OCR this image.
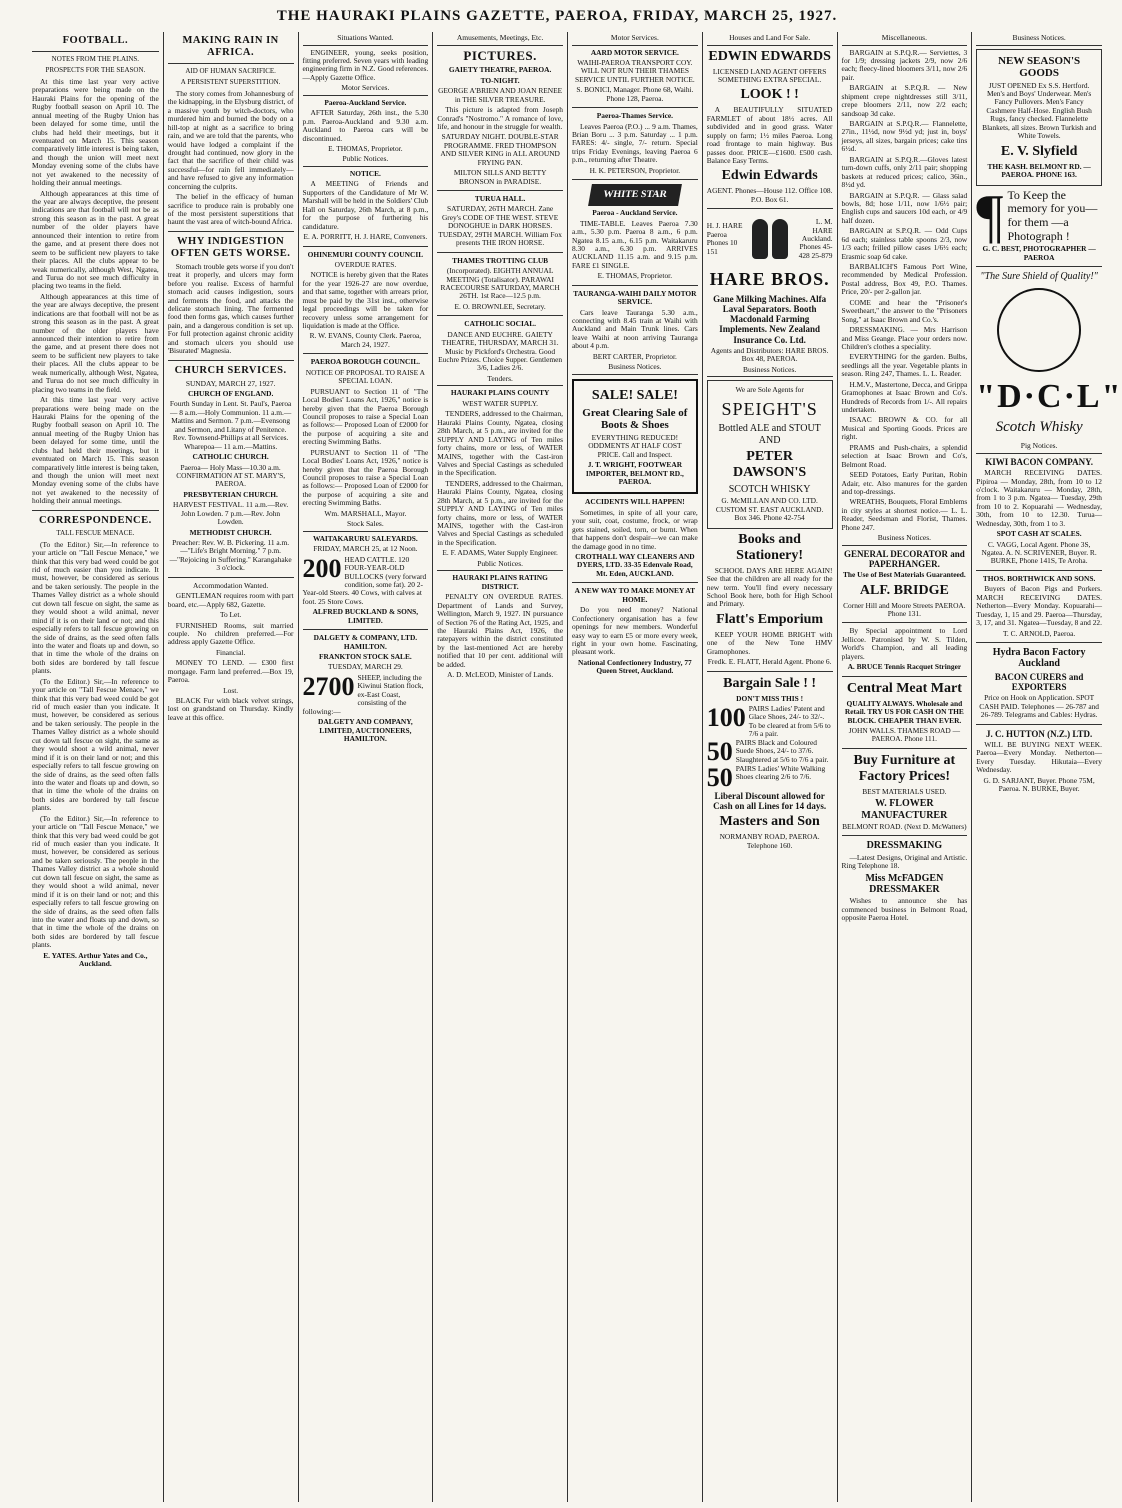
THE HAURAKI PLAINS GAZETTE, PAEROA, FRIDAY, MARCH 25, 1927.
FOOTBALL.
NOTES FROM THE PLAINS.
PROSPECTS FOR THE SEASON.

At this time last year very active preparations were being made on the Hauraki Plains for the opening of the Rugby football season on April 10. The annual meeting of the Rugby Union has been delayed for some time, until the clubs had held their meetings, but it eventuated on March 15. This season comparatively little interest is being taken, and though the union will meet next Monday evening some of the clubs have not yet awakened to the necessity of holding their annual meetings.

Although appearances at this time of the year are always deceptive, the present indications are that football will not be as strong this season as in the past. A great number of the older players have announced their intention to retire from the game, and at present there does not seem to be sufficient new players to take their places. All the clubs appear to be weak numerically, although West, Ngatea, and Turua do not see much difficulty in placing two teams in the field.

Although appearances at this time of the year are always deceptive, the present indications are that football will not be as strong this season as in the past. A great number of the older players have announced their intention to retire from the game, and at present there does not seem to be sufficient new players to take their places. All the clubs appear to be weak numerically, although West, Ngatea, and Turua do not see much difficulty in placing two teams in the field.

At this time last year very active preparations were being made on the Hauraki Plains for the opening of the Rugby football season on April 10. The annual meeting of the Rugby Union has been delayed for some time, until the clubs had held their meetings, but it eventuated on March 15. This season comparatively little interest is being taken, and though the union will meet next Monday evening some of the clubs have not yet awakened to the necessity of holding their annual meetings.

CORRESPONDENCE.
TALL FESCUE MENACE.

(To the Editor.) Sir,—In reference to your article on "Tall Fescue Menace," we think that this very bad weed could be got rid of much easier than you indicate. It must, however, be considered as serious and be taken seriously. The people in the Thames Valley district as a whole should cut down tall fescue on sight, the same as they would shoot a wild animal, never mind if it is on their land or not; and this especially refers to tall fescue growing on the side of drains, as the seed often falls into the water and floats up and down, so that in time the whole of the drains on both sides are bordered by tall fescue plants.

(To the Editor.) Sir,—In reference to your article on "Tall Fescue Menace," we think that this very bad weed could be got rid of much easier than you indicate. It must, however, be considered as serious and be taken seriously. The people in the Thames Valley district as a whole should cut down tall fescue on sight, the same as they would shoot a wild animal, never mind if it is on their land or not; and this especially refers to tall fescue growing on the side of drains, as the seed often falls into the water and floats up and down, so that in time the whole of the drains on both sides are bordered by tall fescue plants.

(To the Editor.) Sir,—In reference to your article on "Tall Fescue Menace," we think that this very bad weed could be got rid of much easier than you indicate. It must, however, be considered as serious and be taken seriously. The people in the Thames Valley district as a whole should cut down tall fescue on sight, the same as they would shoot a wild animal, never mind if it is on their land or not; and this especially refers to tall fescue growing on the side of drains, as the seed often falls into the water and floats up and down, so that in time the whole of the drains on both sides are bordered by tall fescue plants.

E. YATES. Arthur Yates and Co., Auckland.

MAKING RAIN IN AFRICA.
AID OF HUMAN SACRIFICE.
A PERSISTENT SUPERSTITION.

The story comes from Johannesburg of the kidnapping, in the Elysburg district, of a massive youth by witch-doctors, who murdered him and burned the body on a hill-top at night as a sacrifice to bring rain, and we are told that the parents, who would have lodged a complaint if the drought had continued, now glory in the fact that the sacrifice of their child was successful—for rain fell immediately—and have refused to give any information concerning the culprits.

The belief in the efficacy of human sacrifice to produce rain is probably one of the most persistent superstitions that haunt the vast area of witch-bound Africa.

WHY INDIGESTION OFTEN GETS WORSE.

Stomach trouble gets worse if you don't treat it properly, and ulcers may form before you realise. Excess of harmful stomach acid causes indigestion, sours and ferments the food, and attacks the delicate stomach lining. The fermented food then forms gas, which causes further pain, and a dangerous condition is set up. For full protection against chronic acidity and stomach ulcers you should use 'Bisurated' Magnesia.

CHURCH SERVICES.
SUNDAY, MARCH 27, 1927.
CHURCH OF ENGLAND.

Fourth Sunday in Lent. St. Paul's, Paeroa— 8 a.m.—Holy Communion. 11 a.m.—Mattins and Sermon. 7 p.m.—Evensong and Sermon, and Litany of Penitence. Rev. Townsend-Phillips at all Services. Wharepoa— 11 a.m.—Mattins.

CATHOLIC CHURCH.

Paeroa— Holy Mass—10.30 a.m. CONFIRMATION AT ST. MARY'S, PAEROA.

PRESBYTERIAN CHURCH.

HARVEST FESTIVAL. 11 a.m.—Rev. John Lowden. 7 p.m.—Rev. John Lowden.

METHODIST CHURCH.

Preacher: Rev. W. B. Pickering. 11 a.m.—"Life's Bright Morning." 7 p.m.—"Rejoicing in Suffering." Karangahake 3 o'clock.

Accommodation Wanted.

GENTLEMAN requires room with part board, etc.—Apply 682, Gazette.

To Let.

FURNISHED Rooms, suit married couple. No children preferred.—For address apply Gazette Office.

Financial.

MONEY TO LEND. — £300 first mortgage. Farm land preferred.—Box 19, Paeroa.

Lost.

BLACK Fur with black velvet strings, lost on grandstand on Thursday. Kindly leave at this office.

Situations Wanted.

ENGINEER, young, seeks position, fitting preferred. Seven years with leading engineering firm in N.Z. Good references.—Apply Gazette Office.

Motor Services.
Paeroa-Auckland Service.

AFTER Saturday, 26th inst., the 5.30 p.m. Paeroa-Auckland and 9.30 a.m. Auckland to Paeroa cars will be discontinued.

E. THOMAS, Proprietor.

Public Notices.
NOTICE.

A MEETING of Friends and Supporters of the Candidature of Mr W. Marshall will be held in the Soldiers' Club Hall on Saturday, 26th March, at 8 p.m., for the purpose of furthering his candidature.

E. A. PORRITT, H. J. HARE, Conveners.

OHINEMURI COUNTY COUNCIL
OVERDUE RATES.

NOTICE is hereby given that the Rates for the year 1926-27 are now overdue, and that same, together with arrears prior, must be paid by the 31st inst., otherwise legal proceedings will be taken for recovery unless some arrangement for liquidation is made at the Office.

R. W. EVANS, County Clerk. Paeroa, March 24, 1927.

PAEROA BOROUGH COUNCIL.
NOTICE OF PROPOSAL TO RAISE A SPECIAL LOAN.

PURSUANT to Section 11 of "The Local Bodies' Loans Act, 1926," notice is hereby given that the Paeroa Borough Council proposes to raise a Special Loan as follows:— Proposed Loan of £2000 for the purpose of acquiring a site and erecting Swimming Baths.

PURSUANT to Section 11 of "The Local Bodies' Loans Act, 1926," notice is hereby given that the Paeroa Borough Council proposes to raise a Special Loan as follows:— Proposed Loan of £2000 for the purpose of acquiring a site and erecting Swimming Baths.

Wm. MARSHALL, Mayor.

Stock Sales.
WAITAKARURU SALEYARDS.
FRIDAY, MARCH 25, at 12 Noon.
200 HEAD CATTLE. 120 FOUR-YEAR-OLD BULLOCKS (very forward condition, some fat). 20 2-Year-old Steers. 40 Cows, with calves at foot. 25 Store Cows.

ALFRED BUCKLAND & SONS, LIMITED.

DALGETY & COMPANY, LTD. HAMILTON.
FRANKTON STOCK SALE.
TUESDAY, MARCH 29.
2700 SHEEP, including the Kiwinui Station flock, ex-East Coast, consisting of the following:—

DALGETY AND COMPANY, LIMITED, AUCTIONEERS, HAMILTON.

Amusements, Meetings, Etc.
PICTURES.
GAIETY THEATRE, PAEROA.
TO-NIGHT.

GEORGE A'BRIEN AND JOAN RENEE in THE SILVER TREASURE.

This picture is adapted from Joseph Conrad's "Nostromo." A romance of love, life, and honour in the struggle for wealth.

SATURDAY NIGHT. DOUBLE-STAR PROGRAMME. FRED THOMPSON AND SILVER KING in ALL AROUND FRYING PAN.

MILTON SILLS AND BETTY BRONSON in PARADISE.

TURUA HALL.

SATURDAY, 26TH MARCH. Zane Grey's CODE OF THE WEST. STEVE DONOGHUE in DARK HORSES. TUESDAY, 29TH MARCH. William Fox presents THE IRON HORSE.

THAMES TROTTING CLUB

(Incorporated). EIGHTH ANNUAL MEETING (Totalisator). PARAWAI RACECOURSE SATURDAY, MARCH 26TH. 1st Race—12.5 p.m.

E. O. BROWNLEE, Secretary.

CATHOLIC SOCIAL.

DANCE AND EUCHRE. GAIETY THEATRE, THURSDAY, MARCH 31. Music by Pickford's Orchestra. Good Euchre Prizes. Choice Supper. Gentlemen 3/6, Ladies 2/6.

Tenders.
HAURAKI PLAINS COUNTY
WEST WATER SUPPLY.

TENDERS, addressed to the Chairman, Hauraki Plains County, Ngatea, closing 28th March, at 5 p.m., are invited for the SUPPLY AND LAYING of Ten miles forty chains, more or less, of WATER MAINS, together with the Cast-iron Valves and Special Castings as scheduled in the Specification.

TENDERS, addressed to the Chairman, Hauraki Plains County, Ngatea, closing 28th March, at 5 p.m., are invited for the SUPPLY AND LAYING of Ten miles forty chains, more or less, of WATER MAINS, together with the Cast-iron Valves and Special Castings as scheduled in the Specification.

E. F. ADAMS, Water Supply Engineer.

Public Notices.
HAURAKI PLAINS RATING DISTRICT.

PENALTY ON OVERDUE RATES. Department of Lands and Survey, Wellington, March 9, 1927. IN pursuance of Section 76 of the Rating Act, 1925, and the Hauraki Plains Act, 1926, the ratepayers within the district constituted by the last-mentioned Act are hereby notified that 10 per cent. additional will be added.

A. D. McLEOD, Minister of Lands.

Motor Services.
AARD MOTOR SERVICE.

WAIHI-PAEROA TRANSPORT COY. WILL NOT RUN THEIR THAMES SERVICE UNTIL FURTHER NOTICE.

S. BONICI, Manager. Phone 68, Waihi. Phone 128, Paeroa.

Paeroa-Thames Service.

Leaves Paeroa (P.O.) ... 9 a.m. Thames, Brian Boru ... 3 p.m. Saturday ... 1 p.m. FARES: 4/- single, 7/- return. Special trips Friday Evenings, leaving Paeroa 6 p.m., returning after Theatre.

H. K. PETERSON, Proprietor.

WHITE STAR
Paeroa - Auckland Service.

TIME-TABLE. Leaves Paeroa 7.30 a.m., 5.30 p.m. Paeroa 8 a.m., 6 p.m. Ngatea 8.15 a.m., 6.15 p.m. Waitakaruru 8.30 a.m., 6.30 p.m. ARRIVES AUCKLAND 11.15 a.m. and 9.15 p.m. FARE £1 SINGLE.

E. THOMAS, Proprietor.

TAURANGA-WAIHI DAILY MOTOR SERVICE.

Cars leave Tauranga 5.30 a.m., connecting with 8.45 train at Waihi with Auckland and Main Trunk lines. Cars leave Waihi at noon arriving Tauranga about 4 p.m.

BERT CARTER, Proprietor.

Business Notices.
SALE! SALE!
Great Clearing Sale of Boots & Shoes

EVERYTHING REDUCED! ODDMENTS AT HALF COST PRICE. Call and Inspect.

J. T. WRIGHT, FOOTWEAR IMPORTER, BELMONT RD., PAEROA.

ACCIDENTS WILL HAPPEN!

Sometimes, in spite of all your care, your suit, coat, costume, frock, or wrap gets stained, soiled, torn, or burnt. When that happens don't despair—we can make the damage good in no time.

CROTHALL WAY CLEANERS AND DYERS, LTD. 33-35 Edenvale Road, Mt. Eden, AUCKLAND.

A NEW WAY TO MAKE MONEY AT HOME.

Do you need money? National Confectionery organisation has a few openings for new members. Wonderful easy way to earn £5 or more every week, right in your own home. Fascinating, pleasant work.

National Confectionery Industry, 77 Queen Street, Auckland.

Houses and Land For Sale.
EDWIN EDWARDS

LICENSED LAND AGENT OFFERS SOMETHING EXTRA SPECIAL.

LOOK ! !

A BEAUTIFULLY SITUATED FARMLET of about 18½ acres. All subdivided and in good grass. Water supply on farm; 1½ miles Paeroa. Long road frontage to main highway. Bus passes door. PRICE—£1600. £500 cash. Balance Easy Terms.

Edwin Edwards

AGENT. Phones—House 112. Office 108. P.O. Box 61.

H. J. HARE Paeroa Phones 10 151
L. M. HARE Auckland. Phones 45-428 25-879
HARE BROS.

Gane Milking Machines. Alfa Laval Separators. Booth Macdonald Farming Implements. New Zealand Insurance Co. Ltd.

Agents and Distributors: HARE BROS. Box 48, PAEROA.

Business Notices.

We are Sole Agents for

SPEIGHT'S

Bottled ALE and STOUT AND

PETER DAWSON'S

SCOTCH WHISKY

G. McMILLAN AND CO. LTD. CUSTOM ST. EAST AUCKLAND. Box 346. Phone 42-754

Books and Stationery!

SCHOOL DAYS ARE HERE AGAIN! See that the children are all ready for the new term. You'll find every necessary School Book here, both for High School and Primary.

Flatt's Emporium

KEEP YOUR HOME BRIGHT with one of the New Tone HMV Gramophones.

Fredk. E. FLATT, Herald Agent. Phone 6.

Bargain Sale ! !
DON'T MISS THIS !
100 PAIRS Ladies' Patent and Glace Shoes, 24/- to 32/-. To be cleared at from 5/6 to 7/6 a pair.
50 PAIRS Black and Coloured Suede Shoes, 24/- to 37/6. Slaughtered at 5/6 to 7/6 a pair.
50 PAIRS Ladies' White Walking Shoes clearing 2/6 to 7/6.

Liberal Discount allowed for Cash on all Lines for 14 days.

Masters and Son

NORMANBY ROAD, PAEROA. Telephone 160.

Miscellaneous.

BARGAIN at S.P.Q.R.— Serviettes, 3 for 1/9; dressing jackets 2/9, now 2/6 each; fleecy-lined bloomers 3/11, now 2/6 pair.

BARGAIN at S.P.Q.R. — New shipment crepe nightdresses still 3/11, crepe bloomers 2/11, now 2/2 each; sandsoap 3d cake.

BARGAIN at S.P.Q.R.— Flannelette, 27in., 11½d, now 9½d yd; just in, boys' jerseys, all sizes, bargain prices; cake tins 6½d.

BARGAIN at S.P.Q.R.—Gloves latest turn-down cuffs, only 2/11 pair; shopping baskets at reduced prices; calico, 36in., 8½d yd.

BARGAIN at S.P.Q.R. — Glass salad bowls, 8d; hose 1/11, now 1/6½ pair; English cups and saucers 10d each, or 4/9 half dozen.

BARGAIN at S.P.Q.R. — Odd Cups 6d each; stainless table spoons 2/3, now 1/3 each; frilled pillow cases 1/6½ each; Erasmic soap 6d cake.

BARBALICH'S Famous Port Wine, recommended by Medical Profession. Postal address, Box 49, P.O. Thames. Price, 20/- per 2-gallon jar.

COME and hear the "Prisoner's Sweetheart," the answer to the "Prisoners Song," at Isaac Brown and Co.'s.

DRESSMAKING. — Mrs Harrison and Miss Geange. Place your orders now. Children's clothes a speciality.

EVERYTHING for the garden. Bulbs, seedlings all the year. Vegetable plants in season. Ring 247, Thames. L. L. Reader.

H.M.V., Mastertone, Decca, and Grippa Gramophones at Isaac Brown and Co's. Hundreds of Records from 1/-. All repairs undertaken.

ISAAC BROWN & CO. for all Musical and Sporting Goods. Prices are right.

PRAMS and Push-chairs, a splendid selection at Isaac Brown and Co's, Belmont Road.

SEED Potatoes, Early Puritan, Robin Adair, etc. Also manures for the garden and top-dressings.

WREATHS, Bouquets, Floral Emblems in city styles at shortest notice.— L. L. Reader, Seedsman and Florist, Thames. Phone 247.

Business Notices.
GENERAL DECORATOR and PAPERHANGER.

The Use of Best Materials Guaranteed.

ALF. BRIDGE

Corner Hill and Moore Streets PAEROA. Phone 131.

By Special appointment to Lord Jellicoe. Patronised by W. S. Tilden, World's Champion, and all leading players.

A. BRUCE Tennis Racquet Stringer
Central Meat Mart

QUALITY ALWAYS. Wholesale and Retail. TRY US FOR CASH ON THE BLOCK. CHEAPER THAN EVER.

JOHN WALLS. THAMES ROAD — PAEROA. Phone 111.

Buy Furniture at Factory Prices!

BEST MATERIALS USED.

W. FLOWER MANUFACTURER

BELMONT ROAD. (Next D. McWatters)

DRESSMAKING

—Latest Designs, Original and Artistic. Ring Telephone 18.

Miss McFADGEN DRESSMAKER

Wishes to announce she has commenced business in Belmont Road, opposite Paeroa Hotel.

Business Notices.
NEW SEASON'S GOODS

JUST OPENED Ex S.S. Hertford. Men's and Boys' Underwear. Men's Fancy Pullovers. Men's Fancy Cashmere Half-Hose. English Bush Rugs, fancy checked. Flannelette Blankets, all sizes. Brown Turkish and White Towels.

E. V. Slyfield

THE KASH. BELMONT RD. — PAEROA. PHONE 163.

¶ To Keep the memory for you—for them —a Photograph !

G. C. BEST, PHOTOGRAPHER — PAEROA

"The Sure Shield of Quality!"
"D·C·L"
Scotch Whisky
Pig Notices.
KIWI BACON COMPANY.

MARCH RECEIVING DATES. Pipiroa — Monday, 28th, from 10 to 12 o'clock. Waitakaruru — Monday, 28th, from 1 to 3 p.m. Ngatea— Tuesday, 29th from 10 to 2. Kopuarahi — Wednesday, 30th, from 10 to 12.30. Turua— Wednesday, 30th, from 1 to 3.

SPOT CASH AT SCALES.

C. VAGG, Local Agent. Phone 3S, Ngatea. A. N. SCRIVENER, Buyer. R. BURKE, Phone 141S, Te Aroha.

THOS. BORTHWICK AND SONS.

Buyers of Bacon Pigs and Porkers. MARCH RECEIVING DATES. Netherton—Every Monday. Kopuarahi—Tuesday, 1, 15 and 29. Paeroa—Thursday, 3, 17, and 31. Ngatea—Tuesday, 8 and 22.

T. C. ARNOLD, Paeroa.

Hydra Bacon Factory Auckland
BACON CURERS and EXPORTERS

Price on Hook on Application. SPOT CASH PAID. Telephones — 26-787 and 26-789. Telegrams and Cables: Hydras.

J. C. HUTTON (N.Z.) LTD.

WILL BE BUYING NEXT WEEK. Paeroa—Every Monday. Netherton—Every Tuesday. Hikutaia—Every Wednesday.

G. D. SARJANT, Buyer. Phone 75M, Paeroa. N. BURKE, Buyer.
